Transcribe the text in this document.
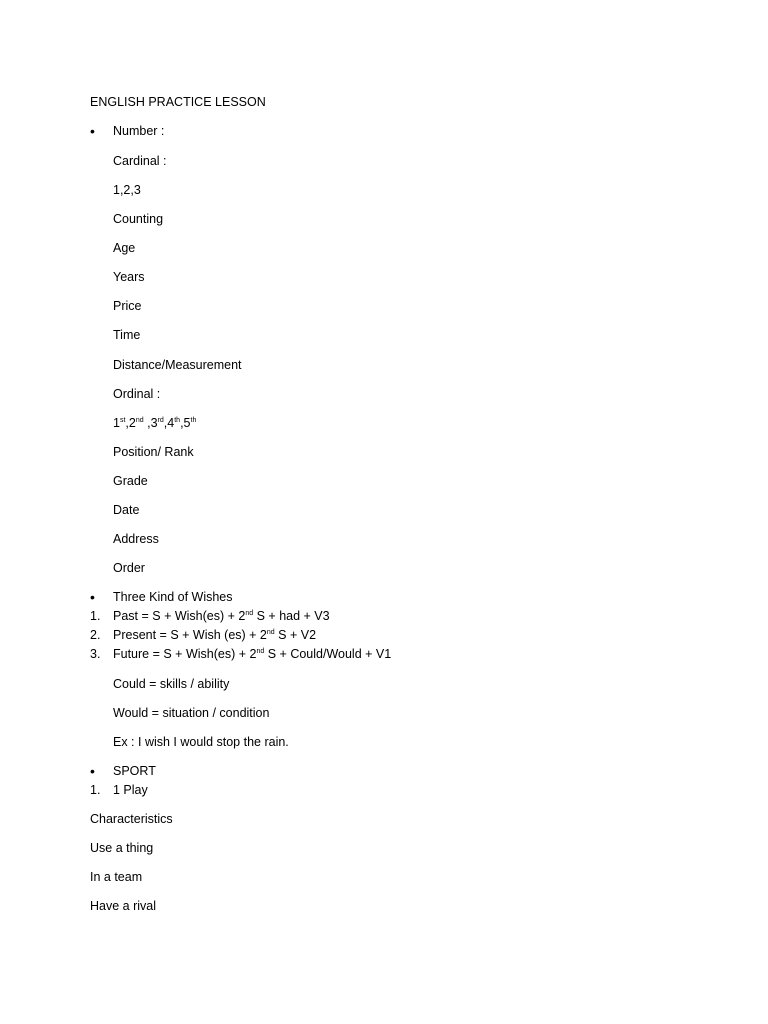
ENGLISH PRACTICE LESSON
• Number :
Cardinal :
1,2,3
Counting
Age
Years
Price
Time
Distance/Measurement
Ordinal :
1st,2nd ,3rd,4th,5th
Position/ Rank
Grade
Date
Address
Order
• Three Kind of Wishes
1. Past = S + Wish(es) + 2nd S + had + V3
2. Present = S + Wish (es) + 2nd S + V2
3. Future = S + Wish(es) + 2nd S + Could/Would + V1
Could = skills / ability
Would = situation / condition
Ex : I wish I would stop the rain.
• SPORT
1. 1 Play
Characteristics
Use a thing
In a team
Have a rival
